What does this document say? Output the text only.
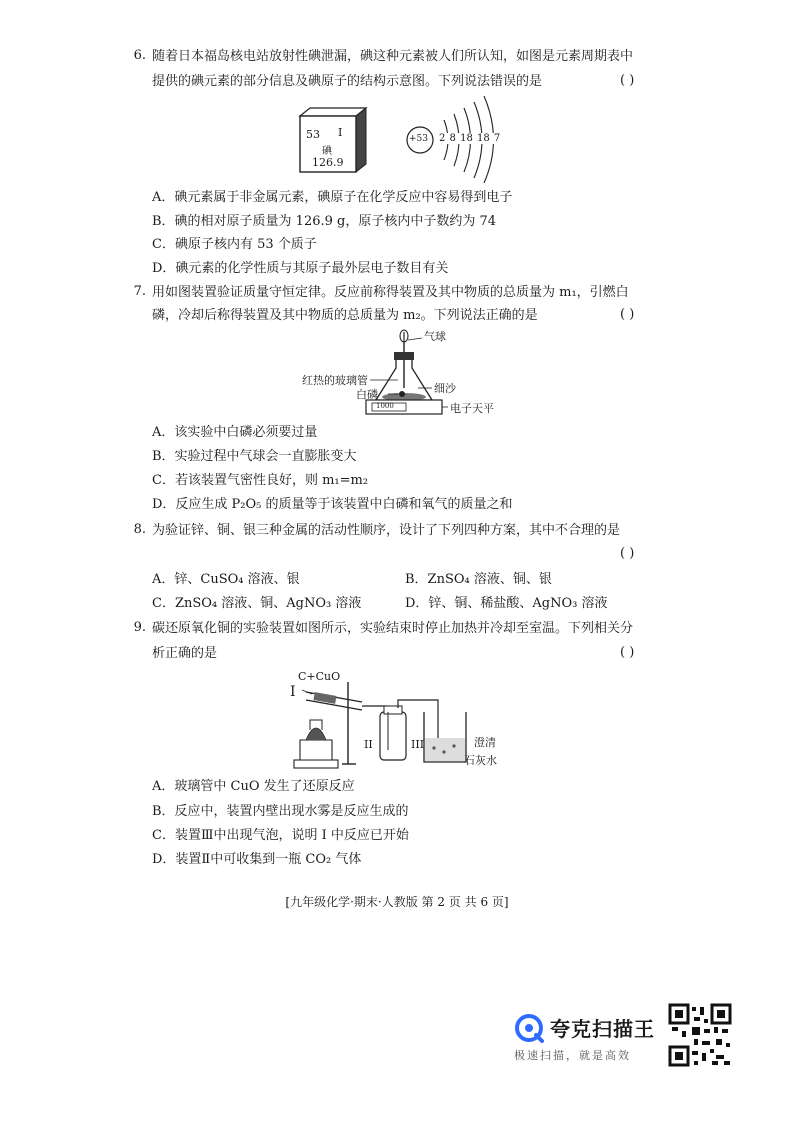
6. 随着日本福岛核电站放射性碘泄漏，碘这种元素被人们所认知，如图是元素周期表中
提供的碘元素的部分信息及碘原子的结构示意图。下列说法错误的是	( )
53 I
碘
126.9
+53 2 8 18 18 7
A．碘元素属于非金属元素，碘原子在化学反应中容易得到电子
B．碘的相对原子质量为 126.9 g，原子核内中子数约为 74
C．碘原子核内有 53 个质子
D．碘元素的化学性质与其原子最外层电子数目有关
7. 用如图装置验证质量守恒定律。反应前称得装置及其中物质的总质量为 m₁，引燃白
磷，冷却后称得装置及其中物质的总质量为 m₂。下列说法正确的是	( )
气球
红热的玻璃管
细沙
白磷
电子天平
1000
A．该实验中白磷必须要过量
B．实验过程中气球会一直膨胀变大
C．若该装置气密性良好，则 m₁=m₂
D．反应生成 P₂O₅ 的质量等于该装置中白磷和氧气的质量之和
8. 为验证锌、铜、银三种金属的活动性顺序，设计了下列四种方案，其中不合理的是
( )
A．锌、CuSO₄ 溶液、银	B．ZnSO₄ 溶液、铜、银
C．ZnSO₄ 溶液、铜、AgNO₃ 溶液	D．锌、铜、稀盐酸、AgNO₃ 溶液
9. 碳还原氧化铜的实验装置如图所示，实验结束时停止加热并冷却至室温。下列相关分
析正确的是	( )
C+CuO
I
II	III	澄清
石灰水
A．玻璃管中 CuO 发生了还原反应
B．反应中，装置内壁出现水雾是反应生成的
C．装置Ⅲ中出现气泡，说明 I 中反应已开始
D．装置Ⅱ中可收集到一瓶 CO₂ 气体
[九年级化学·期末·人教版 第 2 页 共 6 页]
夸克扫描王
极速扫描，就是高效
